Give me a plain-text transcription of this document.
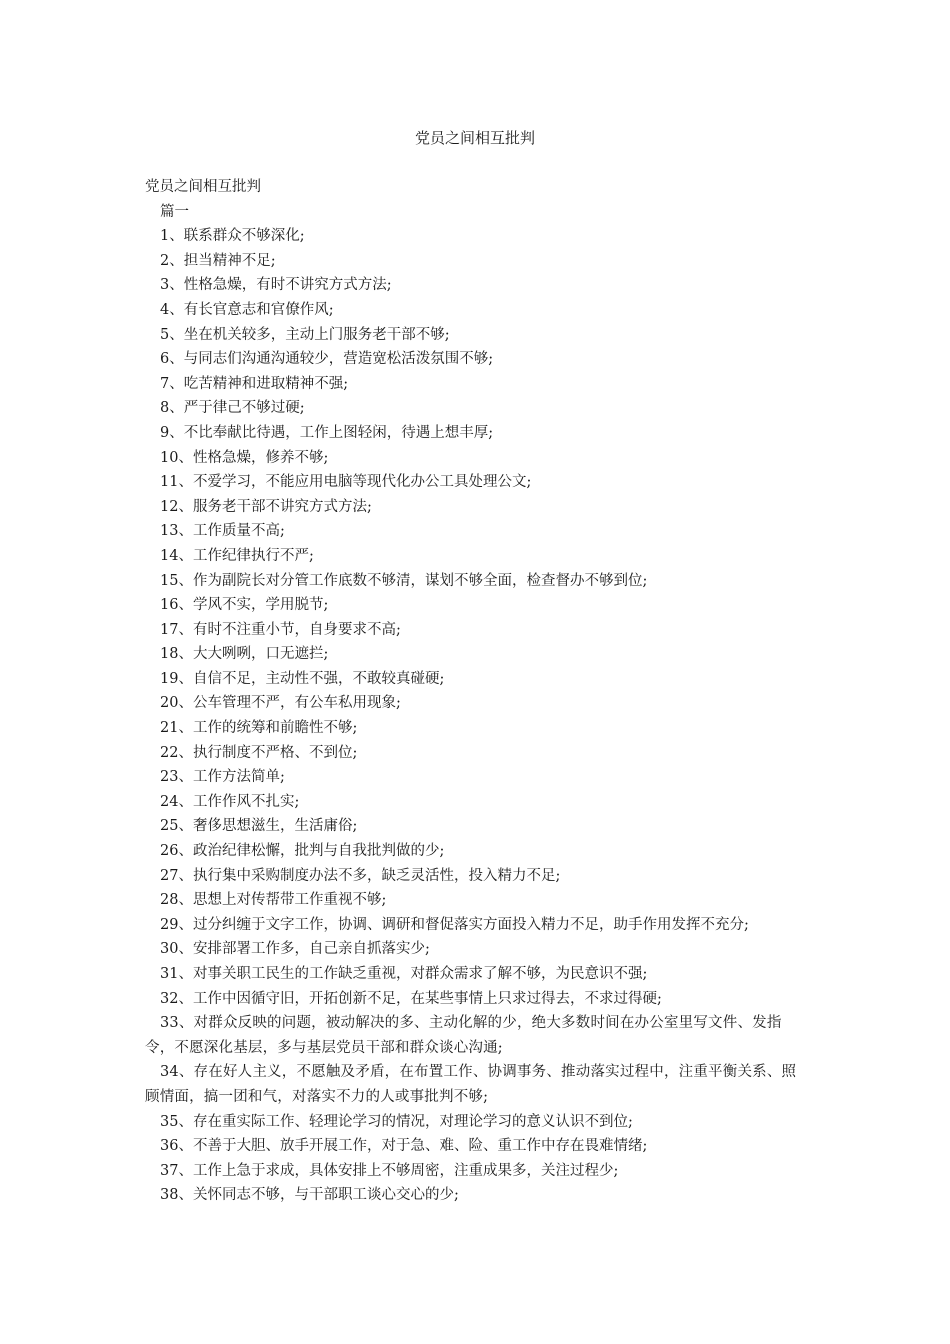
党员之间相互批判
党员之间相互批判
篇一
1、联系群众不够深化;
2、担当精神不足;
3、性格急燥，有时不讲究方式方法;
4、有长官意志和官僚作风;
5、坐在机关较多，主动上门服务老干部不够;
6、与同志们沟通沟通较少，营造宽松活泼氛围不够;
7、吃苦精神和进取精神不强;
8、严于律己不够过硬;
9、不比奉献比待遇，工作上图轻闲，待遇上想丰厚;
10、性格急燥，修养不够;
11、不爱学习，不能应用电脑等现代化办公工具处理公文;
12、服务老干部不讲究方式方法;
13、工作质量不高;
14、工作纪律执行不严;
15、作为副院长对分管工作底数不够清，谋划不够全面，检查督办不够到位;
16、学风不实，学用脱节;
17、有时不注重小节，自身要求不高;
18、大大咧咧，口无遮拦;
19、自信不足，主动性不强，不敢较真碰硬;
20、公车管理不严，有公车私用现象;
21、工作的统筹和前瞻性不够;
22、执行制度不严格、不到位;
23、工作方法简单;
24、工作作风不扎实;
25、奢侈思想滋生，生活庸俗;
26、政治纪律松懈，批判与自我批判做的少;
27、执行集中采购制度办法不多，缺乏灵活性，投入精力不足;
28、思想上对传帮带工作重视不够;
29、过分纠缠于文字工作，协调、调研和督促落实方面投入精力不足，助手作用发挥不充分;
30、安排部署工作多，自己亲自抓落实少;
31、对事关职工民生的工作缺乏重视，对群众需求了解不够，为民意识不强;
32、工作中因循守旧，开拓创新不足，在某些事情上只求过得去，不求过得硬;
33、对群众反映的问题，被动解决的多、主动化解的少，绝大多数时间在办公室里写文件、发指令，不愿深化基层，多与基层党员干部和群众谈心沟通;
34、存在好人主义，不愿触及矛盾，在布置工作、协调事务、推动落实过程中，注重平衡关系、照顾情面，搞一团和气，对落实不力的人或事批判不够;
35、存在重实际工作、轻理论学习的情况，对理论学习的意义认识不到位;
36、不善于大胆、放手开展工作，对于急、难、险、重工作中存在畏难情绪;
37、工作上急于求成，具体安排上不够周密，注重成果多，关注过程少;
38、关怀同志不够，与干部职工谈心交心的少;
